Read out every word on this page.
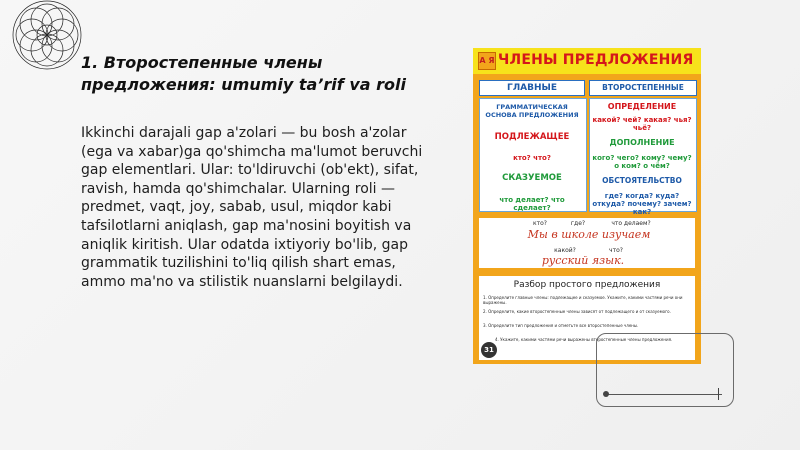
1. Второстепенные члены предложения: umumiy ta’rif va roli
Ikkinchi darajali gap a'zolari — bu bosh a'zolar (ega va xabar)ga qo'shimcha ma'lumot beruvchi gap elementlari. Ular: to'ldiruvchi (ob'ekt), sifat, ravish, hamda qo'shimchalar. Ularning roli — predmet, vaqt, joy, sabab, usul, miqdor kabi tafsilotlarni aniqlash, gap ma'nosini boyitish va aniqlik kiritish. Ular odatda ixtiyoriy bo'lib, gap grammatik tuzilishini to'liq qilish shart emas, ammo ma'no va stilistik nuanslarni belgilaydi.
А Я ЧЛЕНЫ ПРЕДЛОЖЕНИЯ
ГЛАВНЫЕ	ВТОРОСТЕПЕННЫЕ
ГРАММАТИЧЕСКАЯ ОСНОВА ПРЕДЛОЖЕНИЯ
ПОДЛЕЖАЩЕЕ
кто? что?
СКАЗУЕМОЕ
что делает? что сделает?
ОПРЕДЕЛЕНИЕ
какой? чей? какая? чья? чьё?
ДОПОЛНЕНИЕ
кого? чего? кому? чему? о ком? о чём?
ОБСТОЯТЕЛЬСТВО
где? когда? куда? откуда? почему? зачем? как?
кто?	где?	что делаем?
Мы в школе изучаем
какой?	что?
русский язык.
Разбор простого предложения
1. Определите главные члены: подлежащее и сказуемое. Укажите, какими частями речи они выражены.
2. Определите, какие второстепенные члены зависят от подлежащего и от сказуемого.
3. Определите тип предложения и отметьте все второстепенные члены.
4. Укажите, какими частями речи выражены второстепенные члены предложения.
31
